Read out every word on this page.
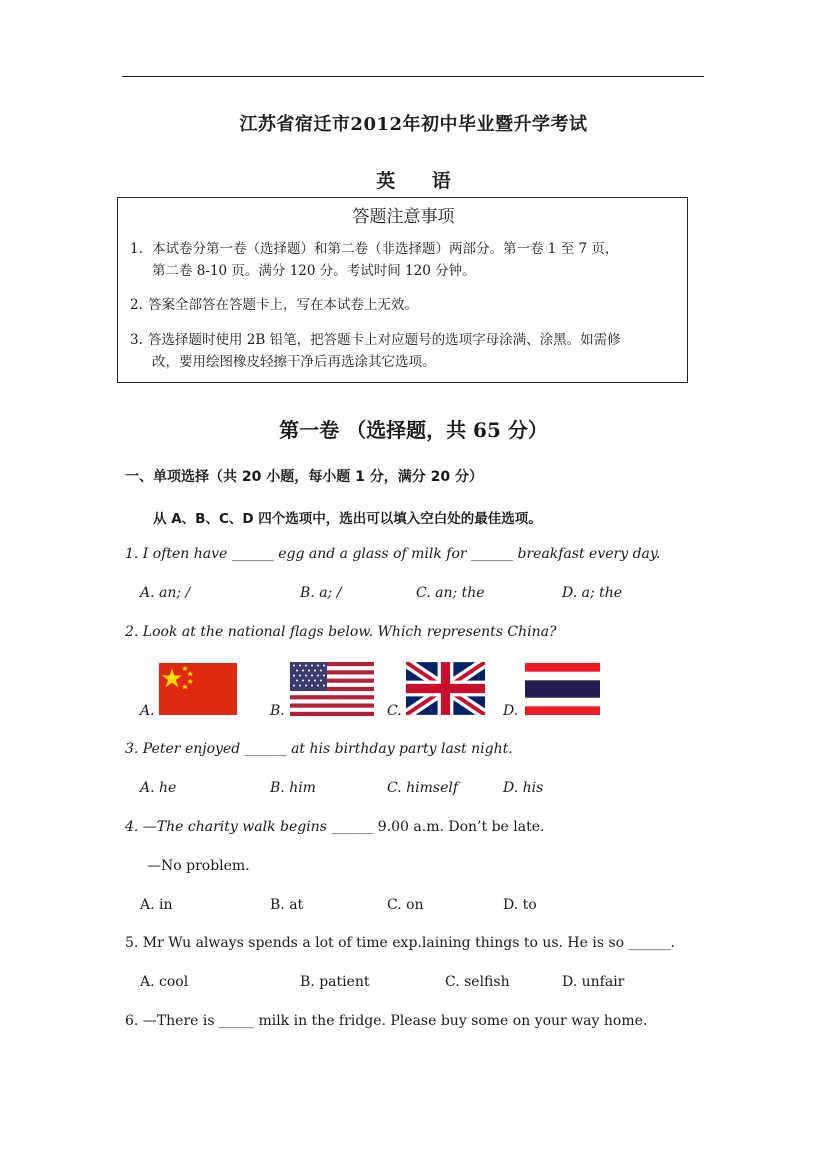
江苏省宿迁市2012年初中毕业暨升学考试
英 语
答题注意事项
1. 本试卷分第一卷（选择题）和第二卷（非选择题）两部分。第一卷 1 至 7 页，
第二卷 8-10 页。满分 120 分。考试时间 120 分钟。
2. 答案全部答在答题卡上，写在本试卷上无效。
3. 答选择题时使用 2B 铅笔，把答题卡上对应题号的选项字母涂满、涂黑。如需修
改，要用绘图橡皮轻擦干净后再选涂其它选项。
第一卷 （选择题，共 65 分）
一、单项选择（共 20 小题，每小题 1 分，满分 20 分）
从 A、B、C、D 四个选项中，选出可以填入空白处的最佳选项。
1. I often have ______ egg and a glass of milk for ______ breakfast every day.
A. an; /	B. a; /	C. an; the	D. a; the
2. Look at the national flags below. Which represents China?
A.	B.	C.	D.
3. Peter enjoyed ______ at his birthday party last night.
A. he	B. him	C. himself	D. his
4. —The charity walk begins ______ 9.00 a.m. Don’t be late.
—No problem.
A. in	B. at	C. on	D. to
5. Mr Wu always spends a lot of time exp.laining things to us. He is so ______.
A. cool	B. patient	C. selfish	D. unfair
6. —There is _____ milk in the fridge. Please buy some on your way home.
